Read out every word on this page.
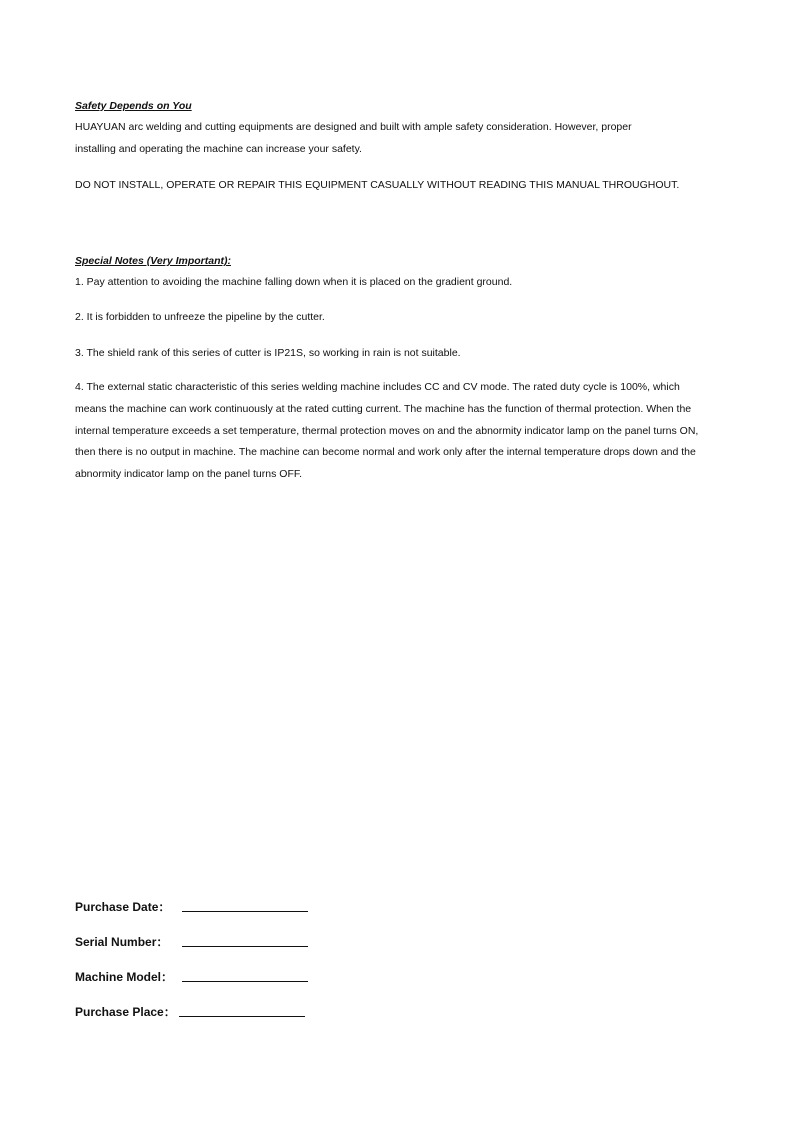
Safety Depends on You

HUAYUAN arc welding and cutting equipments are designed and built with ample safety consideration. However, proper installing and operating the machine can increase your safety.

DO NOT INSTALL, OPERATE OR REPAIR THIS EQUIPMENT CASUALLY WITHOUT READING THIS MANUAL THROUGHOUT.
Special Notes (Very Important):
1. Pay attention to avoiding the machine falling down when it is placed on the gradient ground.
2. It is forbidden to unfreeze the pipeline by the cutter.
3. The shield rank of this series of cutter is IP21S, so working in rain is not suitable.

4. The external static characteristic of this series welding machine includes CC and CV mode. The rated duty cycle is 100%, which means the machine can work continuously at the rated cutting current. The machine has the function of thermal protection. When the internal temperature exceeds a set temperature, thermal protection moves on and the abnormity indicator lamp on the panel turns ON, then there is no output in machine. The machine can become normal and work only after the internal temperature drops down and the abnormity indicator lamp on the panel turns OFF.

Purchase Date：
Serial Number：
Machine Model：
Purchase Place：
